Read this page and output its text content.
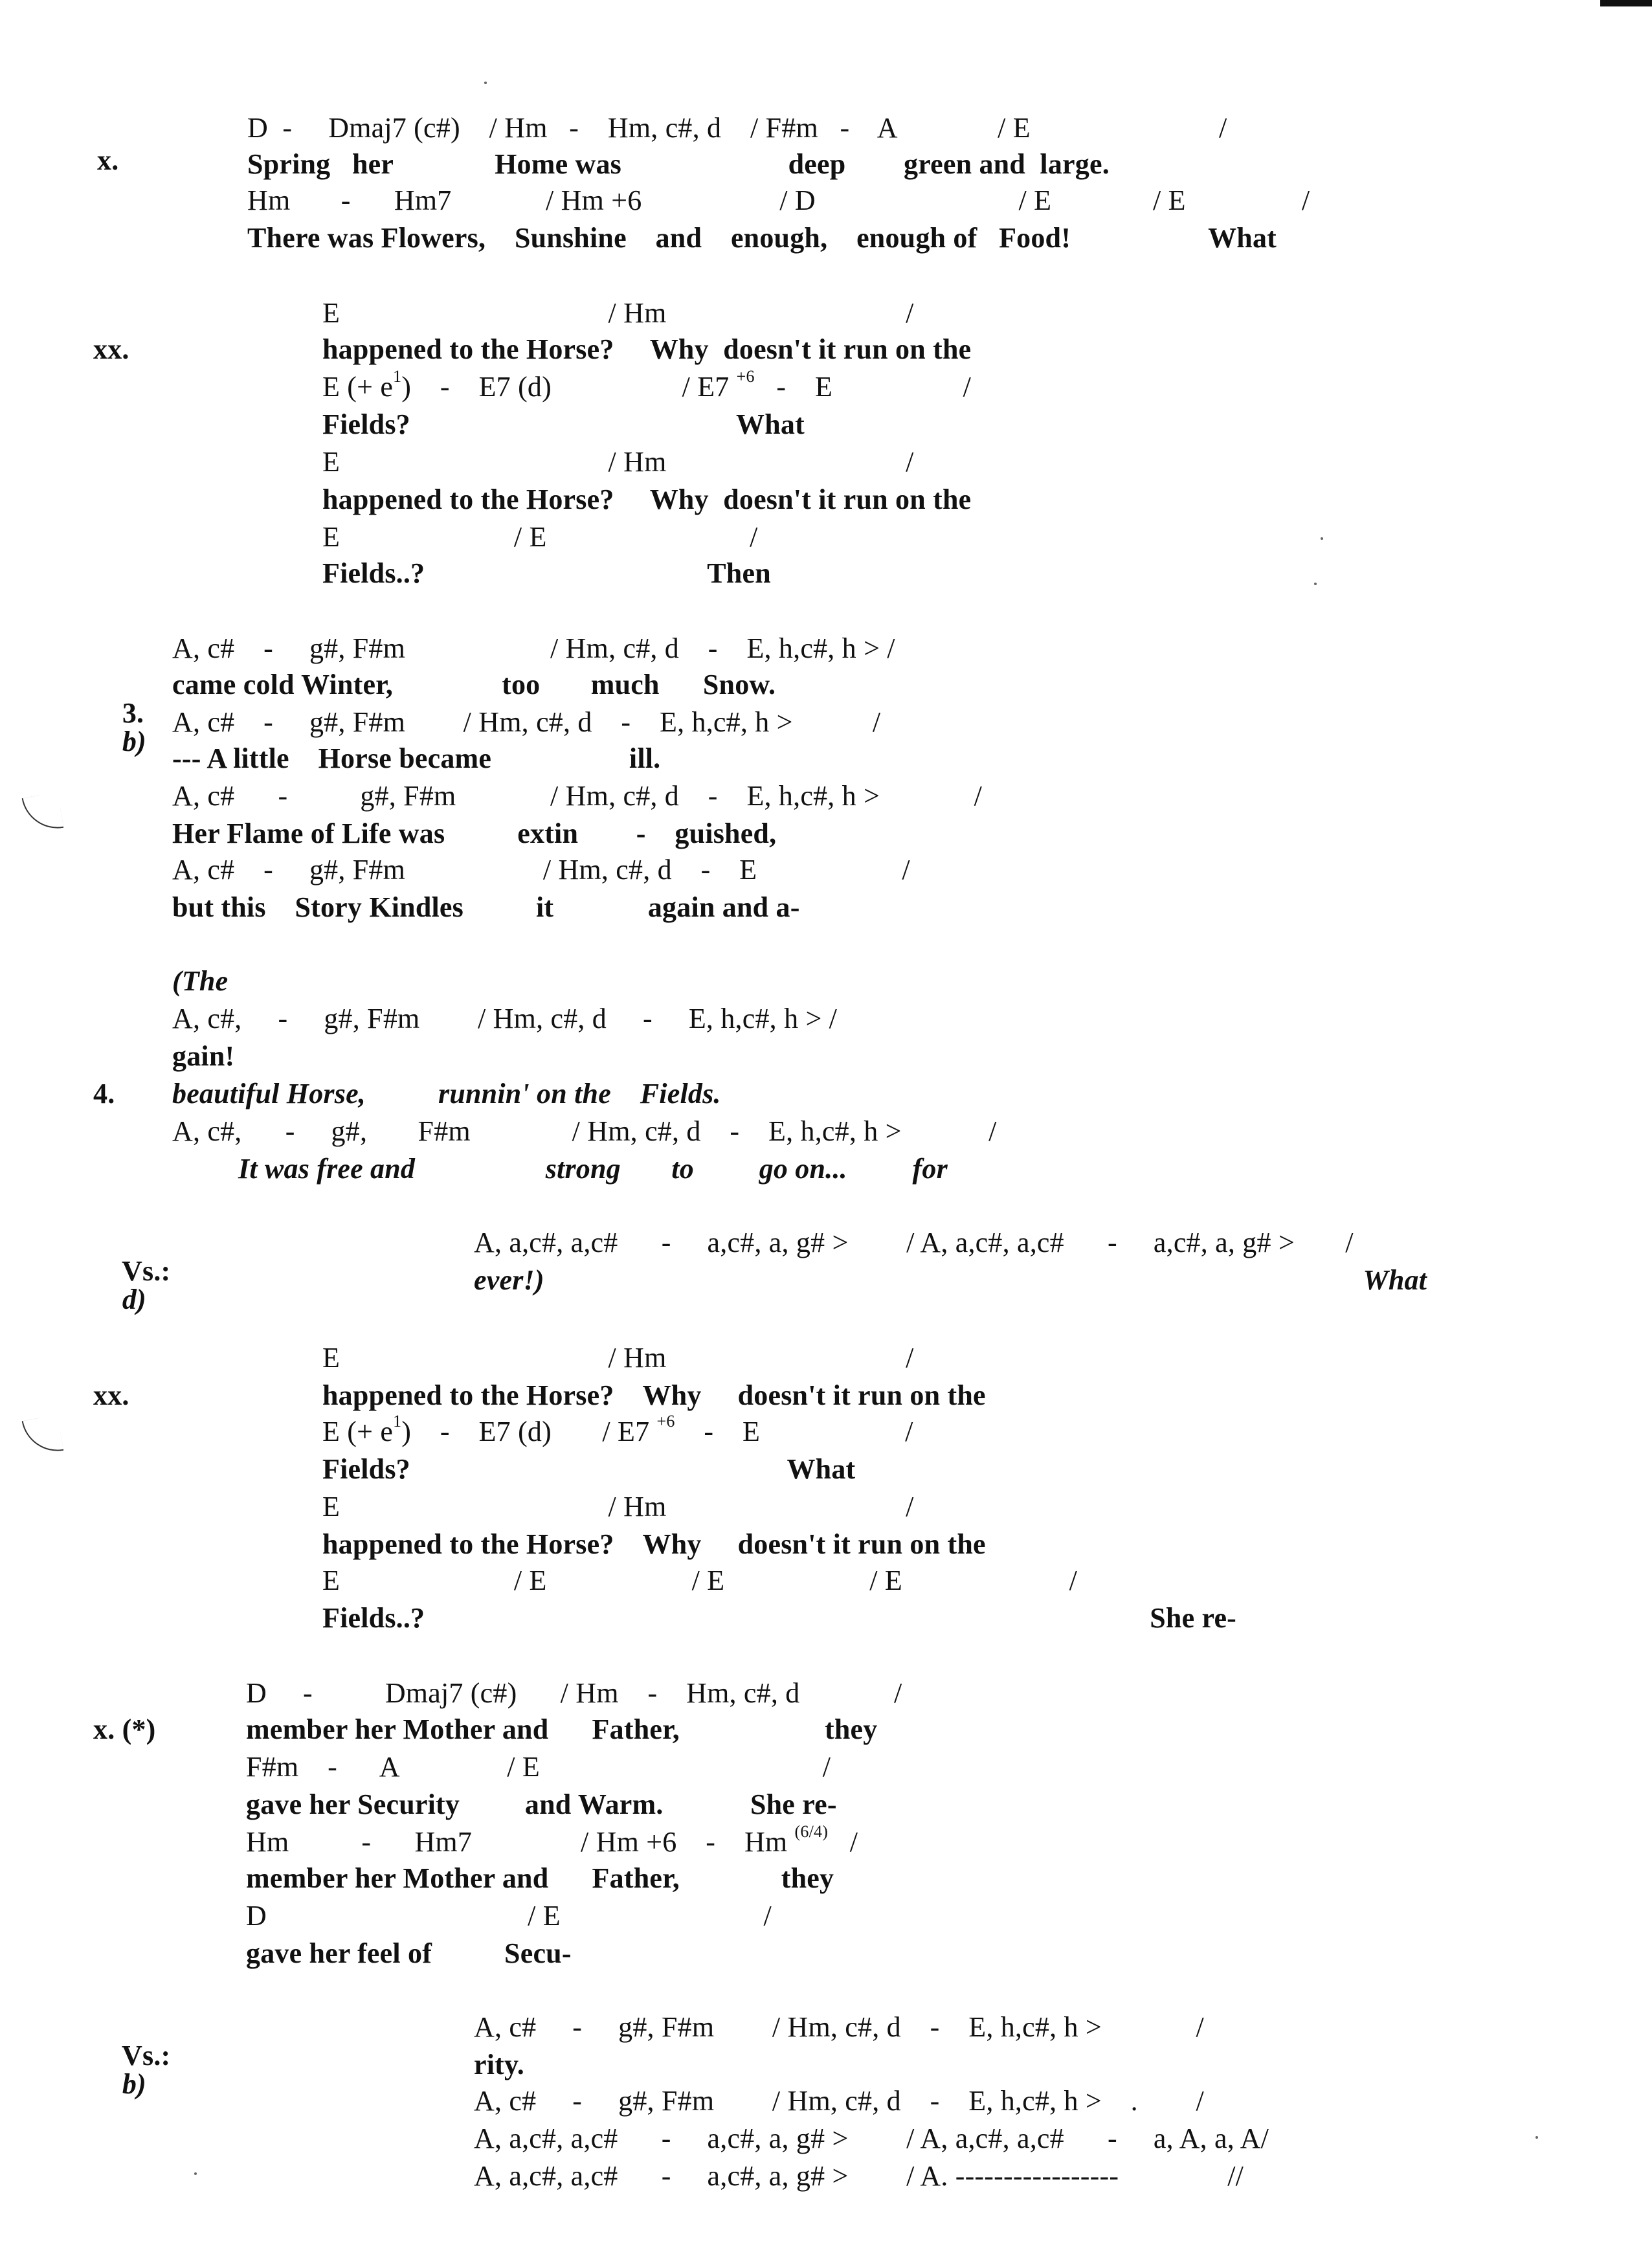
x.
xx.

3.
b)

4.

Vs.:
d)

xx.
x. (*)

Vs.:
b)

D  -     Dmaj7 (c#)    / Hm   -    Hm, c#, d    / F#m   -    A              / E                          /
Spring   her              Home was                       deep        green and  large.
Hm       -      Hm7             / Hm +6                   / D                            / E              / E                /
There was Flowers,    Sunshine    and    enough,    enough of   Food!                   What
E                                     / Hm                                 /
happened to the Horse?     Why  doesn't it run on the
E (+ $e^1$)    -    E7 (d)                  / E7 $^{+6}$   -    E                  /
Fields?                                             What
E                                     / Hm                                 /
happened to the Horse?     Why  doesn't it run on the
E                        / E                            /
Fields..?                                       Then
A, c#    -     g#, F#m                    / Hm, c#, d    -    E, h,c#, h > /
came cold Winter,               too       much      Snow.
A, c#    -     g#, F#m        / Hm, c#, d    -    E, h,c#, h >           /
--- A little    Horse became                   ill.
A, c#      -          g#, F#m             / Hm, c#, d    -    E, h,c#, h >             /
Her Flame of Life was          extin        -    guished,
A, c#    -     g#, F#m                   / Hm, c#, d    -    E                    /
but this    Story Kindles          it             again and a-
(The
A, c#,     -     g#, F#m        / Hm, c#, d     -     E, h,c#, h > /
gain!
beautiful Horse,          runnin' on the    Fields.
A, c#,      -     g#,       F#m              / Hm, c#, d    -    E, h,c#, h >            /
It was free and                  strong       to         go on...         for
A, a,c#, a,c#      -     a,c#, a, g# >        / A, a,c#, a,c#      -     a,c#, a, g# >       /
ever!)                                                                                                                 What
E                                     / Hm                                 /
happened to the Horse?    Why     doesn't it run on the
E (+ $e^1$)    -    E7 (d)       / E7 $^{+6}$    -    E                    /
Fields?                                                    What
E                                     / Hm                                 /
happened to the Horse?    Why     doesn't it run on the
E                        / E                    / E                    / E                       /
Fields..?                                                                                                    She re-
D     -          Dmaj7 (c#)      / Hm    -    Hm, c#, d             /
member her Mother and      Father,                    they
F#m    -      A               / E                                       /
gave her Security         and Warm.            She re-
Hm          -      Hm7               / Hm +6    -    Hm $^{(6/4)}$   /
member her Mother and      Father,              they
D                                    / E                            /
gave her feel of          Secu-
A, c#     -     g#, F#m        / Hm, c#, d    -    E, h,c#, h >             /
rity.
A, c#     -     g#, F#m        / Hm, c#, d    -    E, h,c#, h >    .        /
A, a,c#, a,c#      -     a,c#, a, g# >        / A, a,c#, a,c#      -     a, A, a, A/
A, a,c#, a,c#      -     a,c#, a, g# >        / A. -----------------               //
